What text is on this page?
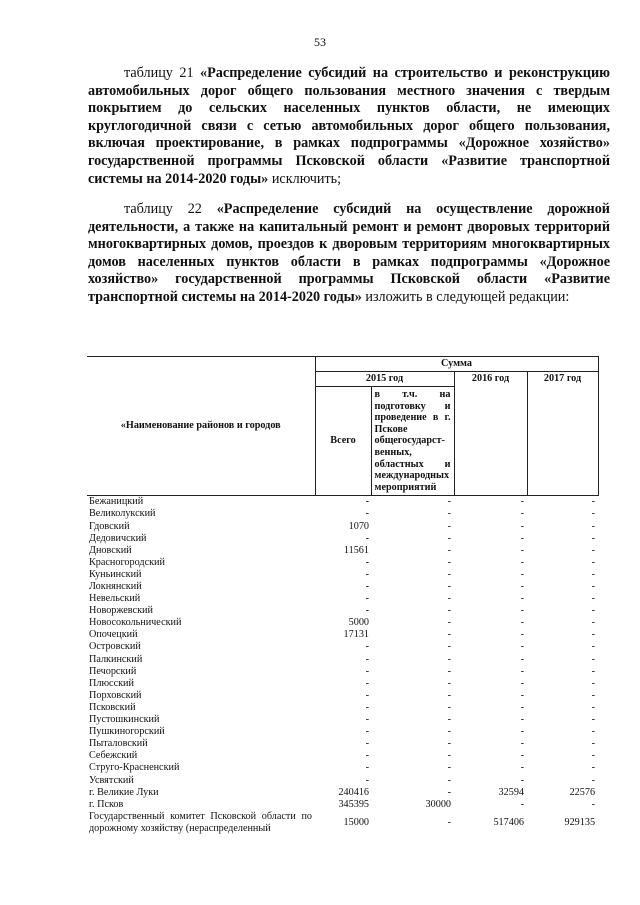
53

таблицу 21 «Распределение субсидий на строительство и реконструкцию автомобильных дорог общего пользования местного значения с твердым покрытием до сельских населенных пунктов области, не имеющих круглогодичной связи с сетью автомобильных дорог общего пользования, включая проектирование, в рамках подпрограммы «Дорожное хозяйство» государственной программы Псковской области «Развитие транспортной системы на 2014-2020 годы» исключить;

таблицу 22 «Распределение субсидий на осуществление дорожной деятельности, а также на капитальный ремонт и ремонт дворовых территорий многоквартирных домов, проездов к дворовым территориям многоквартирных домов населенных пунктов области в рамках подпрограммы «Дорожное хозяйство» государственной программы Псковской области «Развитие транспортной системы на 2014-2020 годы» изложить в следующей редакции:

«Наименование районов и городов	Сумма			
	2015 год		2016 год	2017 год
	Всего	в т.ч. на подготовку и проведение в г. Пскове общегосударст-венных, областных и международных мероприятий		
Бежаницкий	-	-	-	-
Великолукский	-	-	-	-
Гдовский	1070	-	-	-
Дедовичский	-	-	-	-
Дновский	11561	-	-	-
Красногородский	-	-	-	-
Куньинский	-	-	-	-
Локнянский	-	-	-	-
Невельский	-	-	-	-
Новоржевский	-	-	-	-
Новосокольнический	5000	-	-	-
Опочецкий	17131	-	-	-
Островский	-	-	-	-
Палкинский	-	-	-	-
Печорский	-	-	-	-
Плюсский	-	-	-	-
Порховский	-	-	-	-
Псковский	-	-	-	-
Пустошкинский	-	-	-	-
Пушкиногорский	-	-	-	-
Пыталовский	-	-	-	-
Себежский	-	-	-	-
Струго-Красненский	-	-	-	-
Усвятский	-	-	-	-
г. Великие Луки	240416	-	32594	22576
г. Псков	345395	30000	-	-
Государственный комитет Псковской области по дорожному хозяйству (нераспределенный	15000	-	517406	929135
